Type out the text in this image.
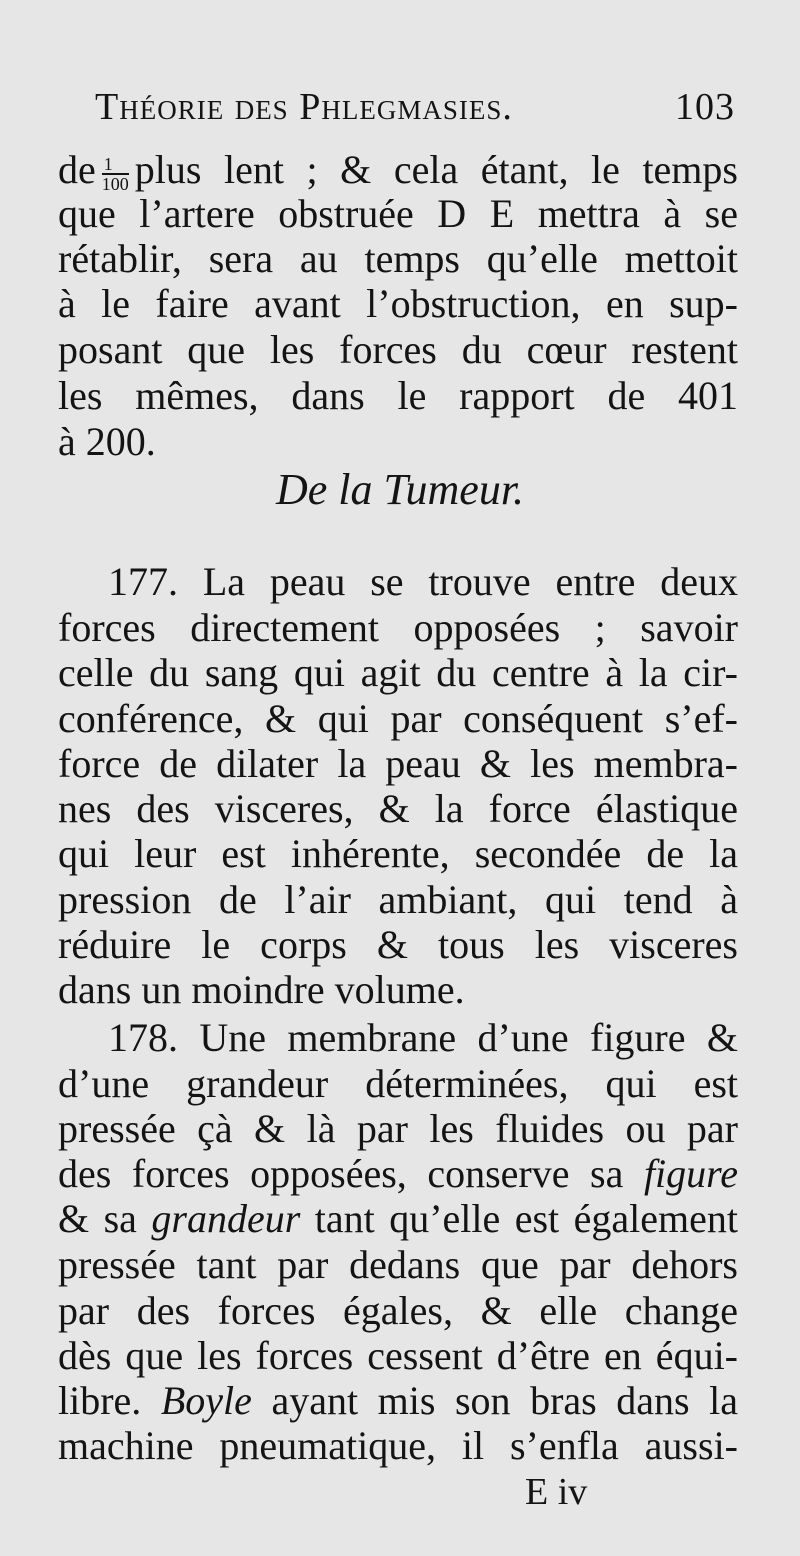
Théorie des Phlegmasies.	103
de $\frac{1}{100}$ plus lent ; & cela étant, le temps
que l’artere obstruée D E mettra à se
rétablir, sera au temps qu’elle mettoit
à le faire avant l’obstruction, en sup-
posant que les forces du cœur restent
les mêmes, dans le rapport de 401
à 200.
De la Tumeur.
177. La peau se trouve entre deux
forces directement opposées ; savoir
celle du sang qui agit du centre à la cir-
conférence, & qui par conséquent s’ef-
force de dilater la peau & les membra-
nes des visceres, & la force élastique
qui leur est inhérente, secondée de la
pression de l’air ambiant, qui tend à
réduire le corps & tous les visceres
dans un moindre volume.
178. Une membrane d’une figure &
d’une grandeur déterminées, qui est
pressée çà & là par les fluides ou par
des forces opposées, conserve sa figure
& sa grandeur tant qu’elle est également
pressée tant par dedans que par dehors
par des forces égales, & elle change
dès que les forces cessent d’être en équi-
libre. Boyle ayant mis son bras dans la
machine pneumatique, il s’enfla aussi-
E iv
